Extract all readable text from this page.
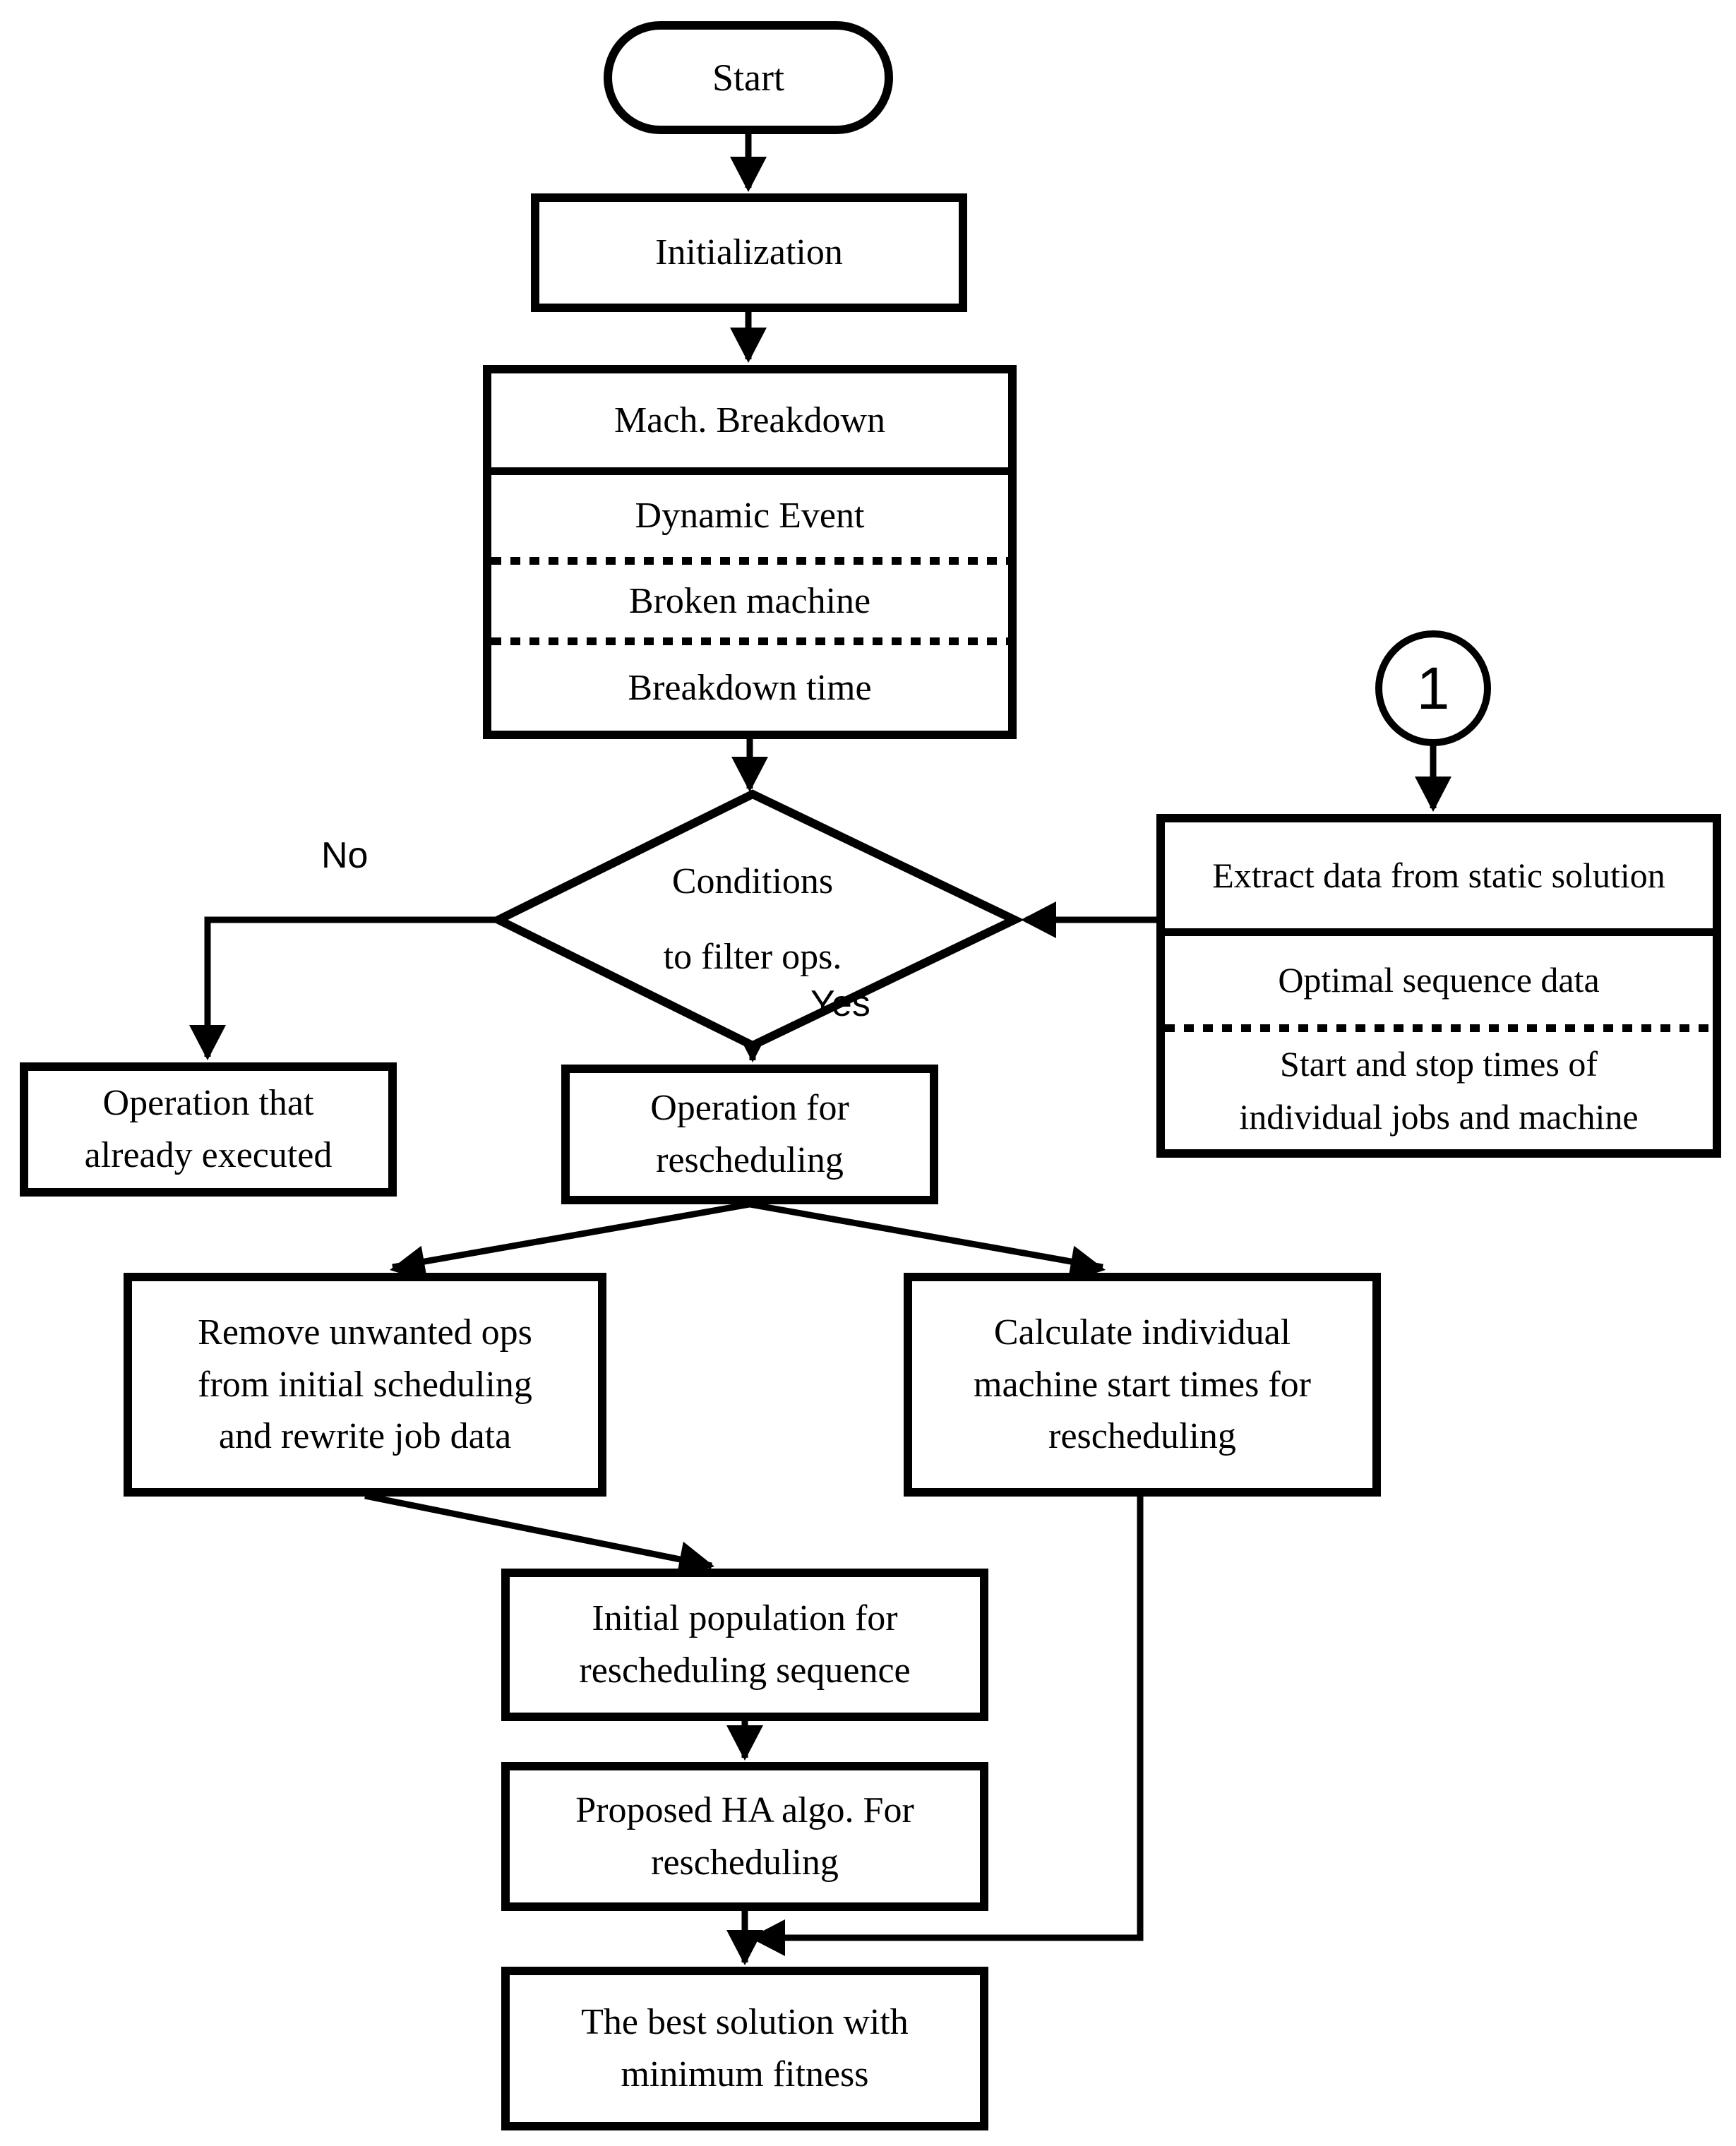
Start
Initialization
Mach. Breakdown
Dynamic Event
Broken machine
Breakdown time
Conditions
to filter ops.
No
Yes
1
Extract data from static solution
Optimal sequence data
Start and stop times of
individual jobs and machine
Operation that
already executed
Operation for
rescheduling
Remove unwanted ops
from initial scheduling
and rewrite job data
Calculate individual
machine start times for
rescheduling
Initial population for
rescheduling sequence
Proposed HA algo. For
rescheduling
The best solution with
minimum fitness
